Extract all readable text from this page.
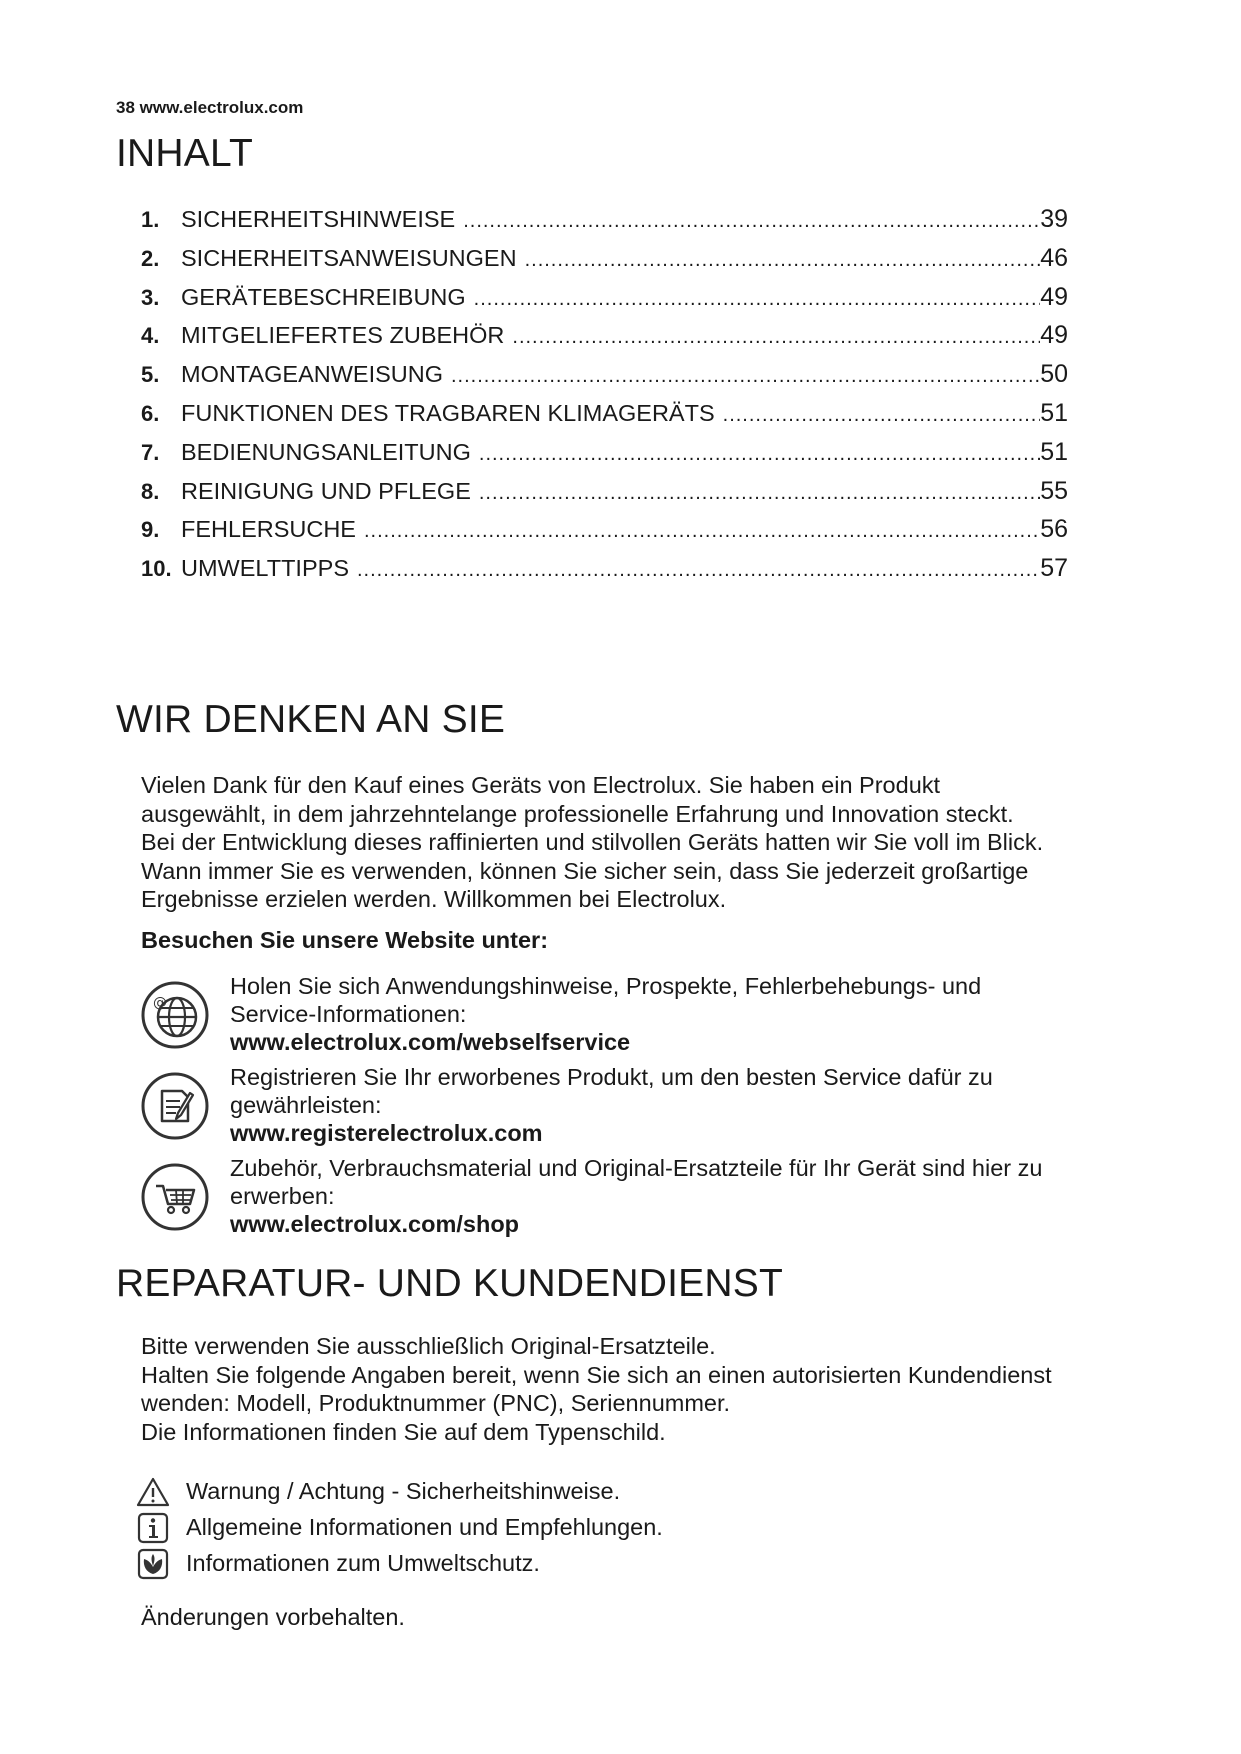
38 www.electrolux.com
INHALT
1. SICHERHEITSHINWEISE .....	39
2. SICHERHEITSANWEISUNGEN .....	46
3. GERÄTEBESCHREIBUNG .....	49
4. MITGELIEFERTES ZUBEHÖR .....	49
5. MONTAGEANWEISUNG .....	50
6. FUNKTIONEN DES TRAGBAREN KLIMAGERÄTS .....	51
7. BEDIENUNGSANLEITUNG .....	51
8. REINIGUNG UND PFLEGE .....	55
9. FEHLERSUCHE .....	56
10. UMWELTTIPPS .....	57
WIR DENKEN AN SIE
Vielen Dank für den Kauf eines Geräts von Electrolux. Sie haben ein Produkt
ausgewählt, in dem jahrzehntelange professionelle Erfahrung und Innovation steckt.
Bei der Entwicklung dieses raffinierten und stilvollen Geräts hatten wir Sie voll im Blick.
Wann immer Sie es verwenden, können Sie sicher sein, dass Sie jederzeit großartige
Ergebnisse erzielen werden. Willkommen bei Electrolux.
Besuchen Sie unsere Website unter:
@
Holen Sie sich Anwendungshinweise, Prospekte, Fehlerbehebungs- und
Service-Informationen:
www.electrolux.com/webselfservice
Registrieren Sie Ihr erworbenes Produkt, um den besten Service dafür zu
gewährleisten:
www.registerelectrolux.com
Zubehör, Verbrauchsmaterial und Original-Ersatzteile für Ihr Gerät sind hier zu
erwerben:
www.electrolux.com/shop
REPARATUR- UND KUNDENDIENST
Bitte verwenden Sie ausschließlich Original-Ersatzteile.
Halten Sie folgende Angaben bereit, wenn Sie sich an einen autorisierten Kundendienst
wenden: Modell, Produktnummer (PNC), Seriennummer.
Die Informationen finden Sie auf dem Typenschild.
Warnung / Achtung - Sicherheitshinweise.
Allgemeine Informationen und Empfehlungen.
Informationen zum Umweltschutz.
Änderungen vorbehalten.
